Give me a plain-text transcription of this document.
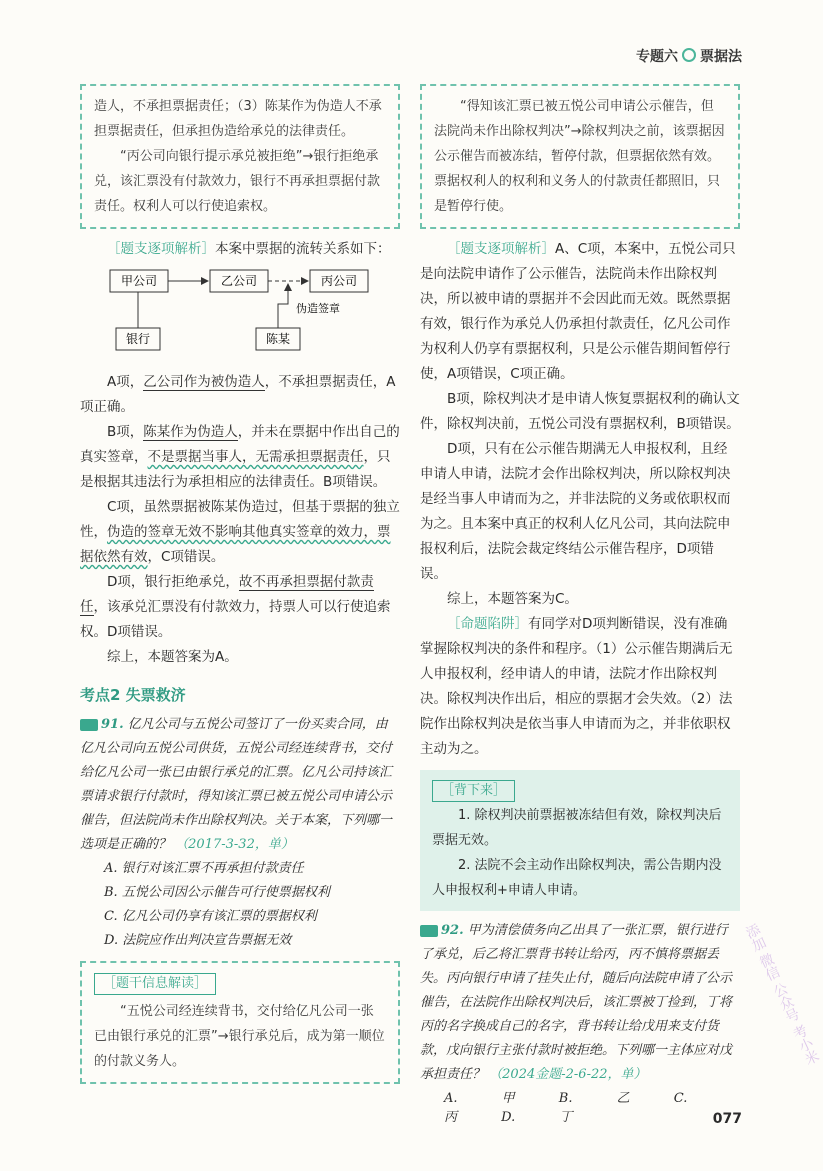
专题六 票据法

造人，不承担票据责任；（3）陈某作为伪造人不承担票据责任，但承担伪造给承兑的法律责任。

“丙公司向银行提示承兑被拒绝”→银行拒绝承兑，该汇票没有付款效力，银行不再承担票据付款责任。权利人可以行使追索权。

［题支逐项解析］本案中票据的流转关系如下：

甲公司	乙公司	丙公司
银行	陈某
伪造签章

A项，乙公司作为被伪造人，不承担票据责任，A项正确。

B项，陈某作为伪造人，并未在票据中作出自己的真实签章，不是票据当事人，无需承担票据责任，只是根据其违法行为承担相应的法律责任。B项错误。

C项，虽然票据被陈某伪造过，但基于票据的独立性，伪造的签章无效不影响其他真实签章的效力，票据依然有效，C项错误。

D项，银行拒绝承兑，故不再承担票据付款责任，该承兑汇票没有付款效力，持票人可以行使追索权。D项错误。

综上，本题答案为A。

考点2 失票救济

91. 亿凡公司与五悦公司签订了一份买卖合同，由亿凡公司向五悦公司供货，五悦公司经连续背书，交付给亿凡公司一张已由银行承兑的汇票。亿凡公司持该汇票请求银行付款时，得知该汇票已被五悦公司申请公示催告，但法院尚未作出除权判决。关于本案，下列哪一选项是正确的？ （2017-3-32，单）

A. 银行对该汇票不再承担付款责任
B. 五悦公司因公示催告可行使票据权利
C. 亿凡公司仍享有该汇票的票据权利
D. 法院应作出判决宣告票据无效
［题干信息解读］

“五悦公司经连续背书，交付给亿凡公司一张已由银行承兑的汇票”→银行承兑后，成为第一顺位的付款义务人。

“得知该汇票已被五悦公司申请公示催告，但法院尚未作出除权判决”→除权判决之前，该票据因公示催告而被冻结，暂停付款，但票据依然有效。票据权利人的权利和义务人的付款责任都照旧，只是暂停行使。

［题支逐项解析］A、C项，本案中，五悦公司只是向法院申请作了公示催告，法院尚未作出除权判决，所以被申请的票据并不会因此而无效。既然票据有效，银行作为承兑人仍承担付款责任，亿凡公司作为权利人仍享有票据权利，只是公示催告期间暂停行使，A项错误，C项正确。

B项，除权判决才是申请人恢复票据权利的确认文件，除权判决前，五悦公司没有票据权利，B项错误。

D项，只有在公示催告期满无人申报权利，且经申请人申请，法院才会作出除权判决，所以除权判决是经当事人申请而为之，并非法院的义务或依职权而为之。且本案中真正的权利人亿凡公司，其向法院申报权利后，法院会裁定终结公示催告程序，D项错误。

综上，本题答案为C。

［命题陷阱］有同学对D项判断错误，没有准确掌握除权判决的条件和程序。（1）公示催告期满后无人申报权利，经申请人的申请，法院才作出除权判决。除权判决作出后，相应的票据才会失效。（2）法院作出除权判决是依当事人申请而为之，并非依职权主动为之。

［背下来］
1. 除权判决前票据被冻结但有效，除权判决后票据无效。
2. 法院不会主动作出除权判决，需公告期内没人申报权利+申请人申请。

92. 甲为清偿债务向乙出具了一张汇票，银行进行了承兑，后乙将汇票背书转让给丙，丙不慎将票据丢失。丙向银行申请了挂失止付，随后向法院申请了公示催告，在法院作出除权判决后，该汇票被丁捡到，丁将丙的名字换成自己的名字，背书转让给戊用来支付货款，戊向银行主张付款时被拒绝。下列哪一主体应对戊承担责任？ （2024金题-2-6-22，单）

A. 甲	B. 乙	C. 丙	D. 丁
添加 微信 公众号 考小米
077
